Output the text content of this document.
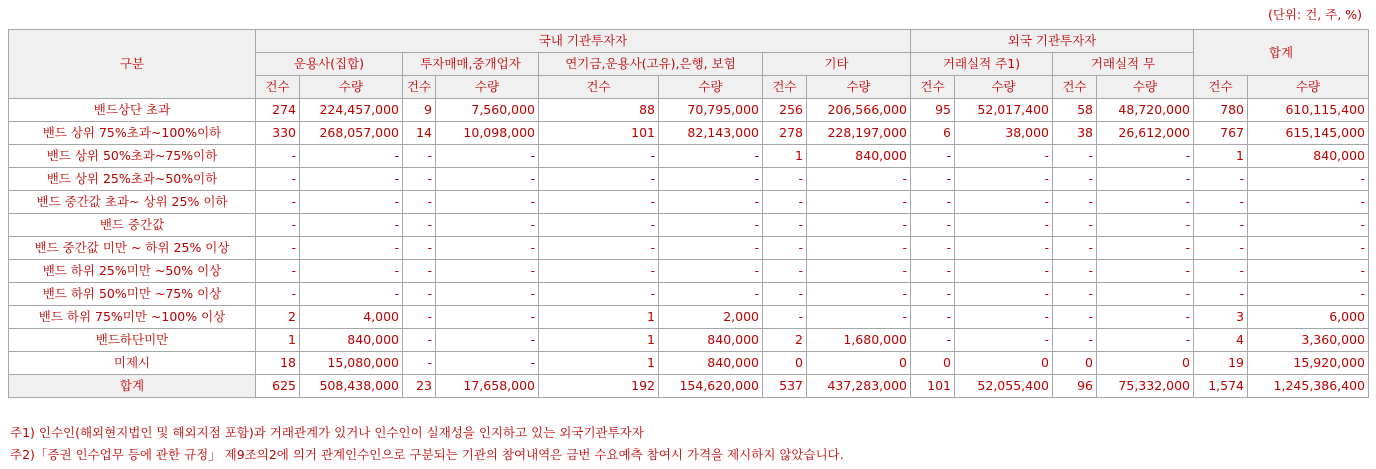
(단위: 건, 주, %)
구분	국내 기관투자자								외국 기관투자자				합계	
	운용사(집합)		투자매매,중개업자		연기금,운용사(고유),은행, 보험		기타		거래실적 주1)		거래실적 무			
	건수	수량	건수	수량	건수	수량	건수	수량	건수	수량	건수	수량	건수	수량
밴드상단 초과	274	224,457,000	9	7,560,000	88	70,795,000	256	206,566,000	95	52,017,400	58	48,720,000	780	610,115,400
밴드 상위 75%초과~100%이하	330	268,057,000	14	10,098,000	101	82,143,000	278	228,197,000	6	38,000	38	26,612,000	767	615,145,000
밴드 상위 50%초과~75%이하	-	-	-	-	-	-	1	840,000	-	-	-	-	1	840,000
밴드 상위 25%초과~50%이하	-	-	-	-	-	-	-	-	-	-	-	-	-	-
밴드 중간값 초과~ 상위 25% 이하	-	-	-	-	-	-	-	-	-	-	-	-	-	-
밴드 중간값	-	-	-	-	-	-	-	-	-	-	-	-	-	-
밴드 중간값 미만 ~ 하위 25% 이상	-	-	-	-	-	-	-	-	-	-	-	-	-	-
밴드 하위 25%미만 ~50% 이상	-	-	-	-	-	-	-	-	-	-	-	-	-	-
밴드 하위 50%미만 ~75% 이상	-	-	-	-	-	-	-	-	-	-	-	-	-	-
밴드 하위 75%미만 ~100% 이상	2	4,000	-	-	1	2,000	-	-	-	-	-	-	3	6,000
밴드하단미만	1	840,000	-	-	1	840,000	2	1,680,000	-	-	-	-	4	3,360,000
미제시	18	15,080,000	-	-	1	840,000	0	0	0	0	0	0	19	15,920,000
합계	625	508,438,000	23	17,658,000	192	154,620,000	537	437,283,000	101	52,055,400	96	75,332,000	1,574	1,245,386,400
주1) 인수인(해외현지법인 및 해외지점 포함)과 거래관계가 있거나 인수인이 실재성을 인지하고 있는 외국기관투자자
주2)「증권 인수업무 등에 관한 규정」 제9조의2에 의거 관계인수인으로 구분되는 기관의 참여내역은 금번 수요예측 참여시 가격을 제시하지 않았습니다.
